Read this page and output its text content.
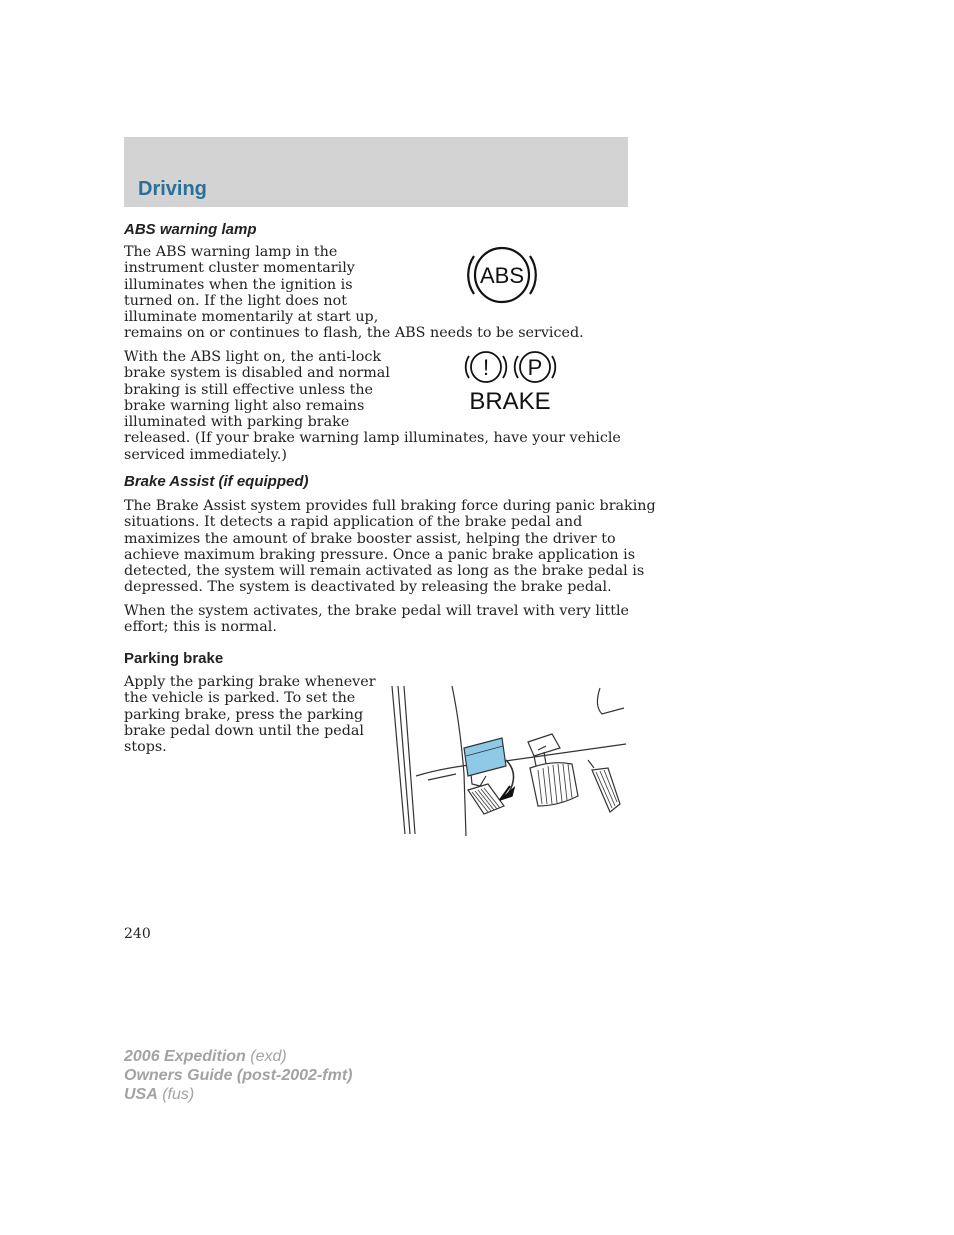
Driving
ABS warning lamp

The ABS warning lamp in the
instrument cluster momentarily
illuminates when the ignition is
turned on. If the light does not
illuminate momentarily at start up,
remains on or continues to flash, the ABS needs to be serviced.

ABS

With the ABS light on, the anti-lock
brake system is disabled and normal
braking is still effective unless the
brake warning light also remains
illuminated with parking brake
released. (If your brake warning lamp illuminates, have your vehicle
serviced immediately.)

! P
BRAKE
Brake Assist (if equipped)

The Brake Assist system provides full braking force during panic braking
situations. It detects a rapid application of the brake pedal and
maximizes the amount of brake booster assist, helping the driver to
achieve maximum braking pressure. Once a panic brake application is
detected, the system will remain activated as long as the brake pedal is
depressed. The system is deactivated by releasing the brake pedal.

When the system activates, the brake pedal will travel with very little
effort; this is normal.

Parking brake

Apply the parking brake whenever
the vehicle is parked. To set the
parking brake, press the parking
brake pedal down until the pedal
stops.

240
2006 Expedition (exd)
Owners Guide (post-2002-fmt)
USA (fus)
